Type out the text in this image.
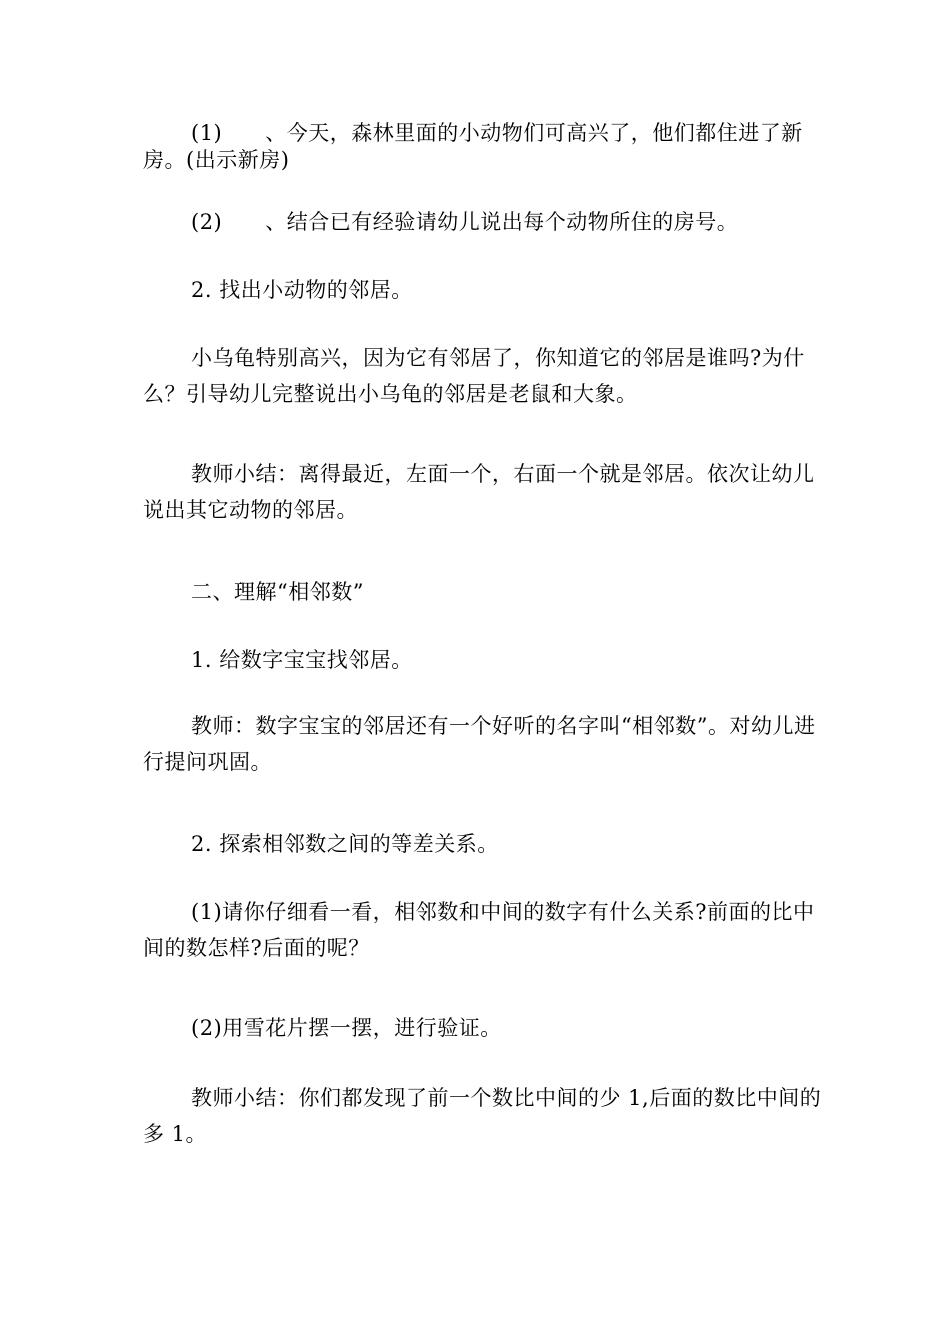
(1)　　、今天，森林里面的小动物们可高兴了，他们都住进了新房。(出示新房)
(2)　　、结合已有经验请幼儿说出每个动物所住的房号。
2. 找出小动物的邻居。
小乌龟特别高兴，因为它有邻居了，你知道它的邻居是谁吗?为什么？引导幼儿完整说出小乌龟的邻居是老鼠和大象。
教师小结：离得最近，左面一个，右面一个就是邻居。依次让幼儿说出其它动物的邻居。
二、理解“相邻数”
1. 给数字宝宝找邻居。
教师：数字宝宝的邻居还有一个好听的名字叫“相邻数”。对幼儿进行提问巩固。
2. 探索相邻数之间的等差关系。
(1)请你仔细看一看，相邻数和中间的数字有什么关系?前面的比中间的数怎样?后面的呢？
(2)用雪花片摆一摆，进行验证。
教师小结：你们都发现了前一个数比中间的少 1,后面的数比中间的多 1。
